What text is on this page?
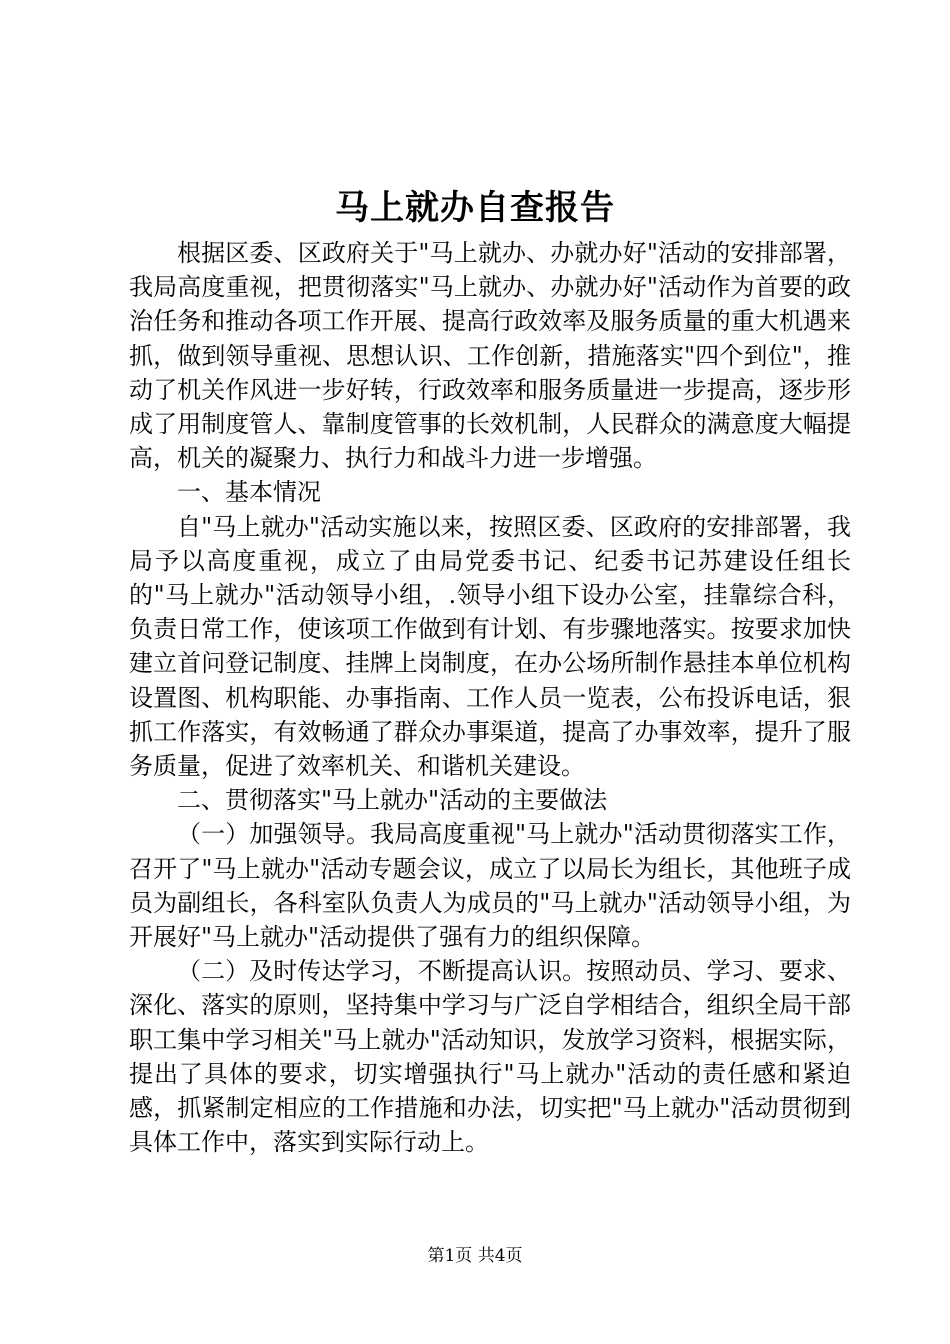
马上就办自查报告

根据区委、区政府关于"马上就办、办就办好"活动的安排部署，我局高度重视，把贯彻落实"马上就办、办就办好"活动作为首要的政治任务和推动各项工作开展、提高行政效率及服务质量的重大机遇来抓，做到领导重视、思想认识、工作创新，措施落实"四个到位"，推动了机关作风进一步好转，行政效率和服务质量进一步提高，逐步形成了用制度管人、靠制度管事的长效机制，人民群众的满意度大幅提高，机关的凝聚力、执行力和战斗力进一步增强。

一、基本情况

自"马上就办"活动实施以来，按照区委、区政府的安排部署，我局予以高度重视，成立了由局党委书记、纪委书记苏建设任组长的"马上就办"活动领导小组，.领导小组下设办公室，挂靠综合科，负责日常工作，使该项工作做到有计划、有步骤地落实。按要求加快建立首问登记制度、挂牌上岗制度，在办公场所制作悬挂本单位机构设置图、机构职能、办事指南、工作人员一览表，公布投诉电话，狠抓工作落实，有效畅通了群众办事渠道，提高了办事效率，提升了服务质量，促进了效率机关、和谐机关建设。

二、贯彻落实"马上就办"活动的主要做法

（一）加强领导。我局高度重视"马上就办"活动贯彻落实工作，召开了"马上就办"活动专题会议，成立了以局长为组长，其他班子成员为副组长，各科室队负责人为成员的"马上就办"活动领导小组，为开展好"马上就办"活动提供了强有力的组织保障。

（二）及时传达学习，不断提高认识。按照动员、学习、要求、深化、落实的原则，坚持集中学习与广泛自学相结合，组织全局干部职工集中学习相关"马上就办"活动知识，发放学习资料，根据实际，提出了具体的要求，切实增强执行"马上就办"活动的责任感和紧迫感，抓紧制定相应的工作措施和办法，切实把"马上就办"活动贯彻到具体工作中，落实到实际行动上。

第1页 共4页
